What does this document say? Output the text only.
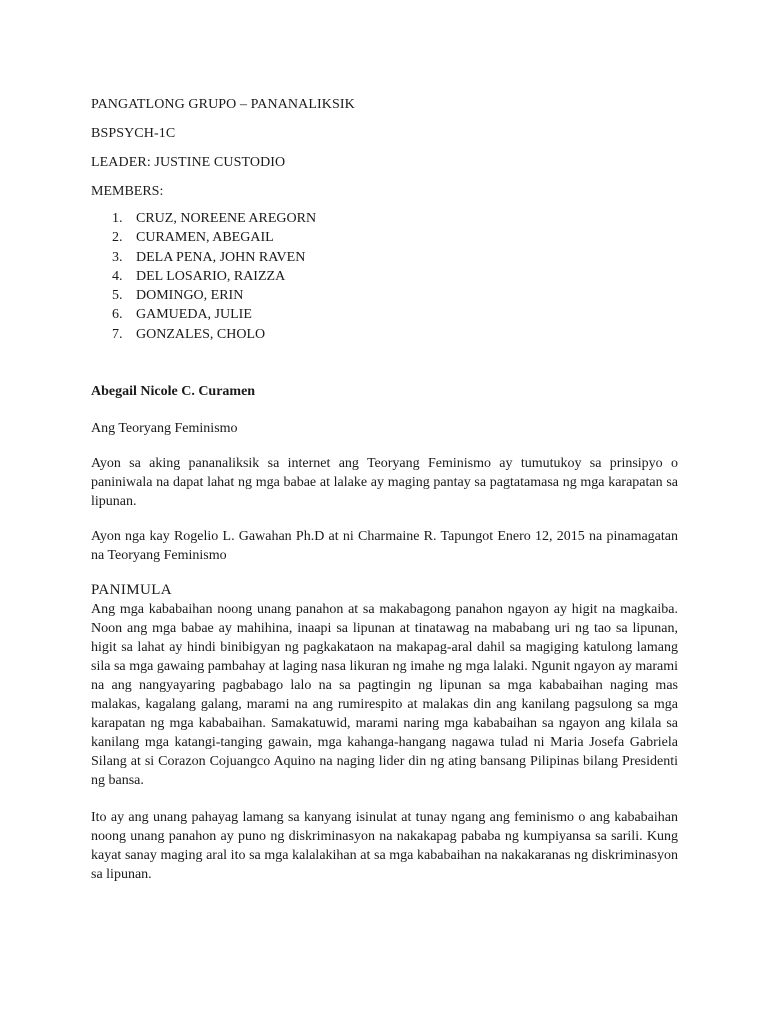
PANGATLONG GRUPO – PANANALIKSIK

BSPSYCH-1C

LEADER: JUSTINE CUSTODIO

MEMBERS:

1. CRUZ, NOREENE AREGORN
2. CURAMEN, ABEGAIL
3. DELA PENA, JOHN RAVEN
4. DEL LOSARIO, RAIZZA
5. DOMINGO, ERIN
6. GAMUEDA, JULIE
7. GONZALES, CHOLO

Abegail Nicole C. Curamen

Ang Teoryang Feminismo

Ayon sa aking pananaliksik sa internet ang Teoryang Feminismo ay tumutukoy sa prinsipyo o paniniwala na dapat lahat ng mga babae at lalake ay maging pantay sa pagtatamasa ng mga karapatan sa lipunan.

Ayon nga kay Rogelio L. Gawahan Ph.D at ni Charmaine R. Tapungot Enero 12, 2015 na pinamagatan na Teoryang Feminismo

PANIMULA

Ang mga kababaihan noong unang panahon at sa makabagong panahon ngayon ay higit na magkaiba. Noon ang mga babae ay mahihina, inaapi sa lipunan at tinatawag na mababang uri ng tao sa lipunan, higit sa lahat ay hindi binibigyan ng pagkakataon na makapag-aral dahil sa magiging katulong lamang sila sa mga gawaing pambahay at laging nasa likuran ng imahe ng mga lalaki. Ngunit ngayon ay marami na ang nangyayaring pagbabago lalo na sa pagtingin ng lipunan sa mga kababaihan naging mas malakas, kagalang galang, marami na ang rumirespito at malakas din ang kanilang pagsulong sa mga karapatan ng mga kababaihan. Samakatuwid, marami naring mga kababaihan sa ngayon ang kilala sa kanilang mga katangi-tanging gawain, mga kahanga-hangang nagawa tulad ni Maria Josefa Gabriela Silang at si Corazon Cojuangco Aquino na naging lider din ng ating bansang Pilipinas bilang Presidenti ng bansa.

Ito ay ang unang pahayag lamang sa kanyang isinulat at tunay ngang ang feminismo o ang kababaihan noong unang panahon ay puno ng diskriminasyon na nakakapag pababa ng kumpiyansa sa sarili. Kung kayat sanay maging aral ito sa mga kalalakihan at sa mga kababaihan na nakakaranas ng diskriminasyon sa lipunan.
